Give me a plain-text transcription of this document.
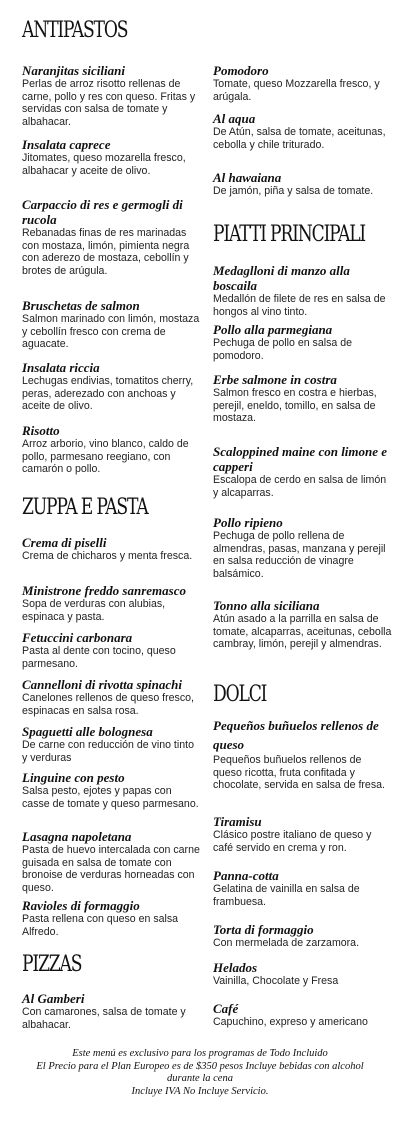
ANTIPASTOS
Naranjitas siciliani
Perlas de arroz risotto rellenas de carne, pollo y res con queso. Fritas y servidas con salsa de tomate y albahacar.
Insalata caprece
Jitomates, queso mozarella fresco, albahacar y aceite de olivo.
Carpaccio di res e germogli di rucola
Rebanadas finas de res marinadas con mostaza, limón, pimienta negra con aderezo de mostaza, cebollín y brotes de arúgula.
Bruschetas de salmon
Salmon marinado con limón, mostaza y cebollín fresco con crema de aguacate.
Insalata riccia
Lechugas endivias, tomatitos cherry, peras, aderezado con anchoas y aceite de olivo.
Risotto
Arroz arborio, vino blanco, caldo de pollo, parmesano reegiano, con camarón o pollo.
ZUPPA E PASTA
Crema di piselli
Crema de chicharos y menta fresca.
Ministrone freddo sanremasco
Sopa de verduras con alubias, espinaca y pasta.
Fetuccini carbonara
Pasta al dente con tocino, queso parmesano.
Cannelloni di rivotta spinachi
Canelones rellenos de queso fresco, espinacas en salsa rosa.
Spaguetti alle bolognesa
De carne con reducción de vino tinto y verduras
Linguine con pesto
Salsa pesto, ejotes y papas con casse de tomate y queso parmesano.
Lasagna napoletana
Pasta de huevo intercalada con carne guisada en salsa de tomate con bronoise de verduras horneadas con queso.
Ravioles di formaggio
Pasta rellena con queso en salsa Alfredo.
PIZZAS
Al Gamberi
Con camarones, salsa de tomate y albahacar.
Pomodoro
Tomate, queso Mozzarella fresco, y arúgala.
Al aqua
De Atún, salsa de tomate, aceitunas, cebolla y chile triturado.
Al hawaiana
De jamón, piña y salsa de tomate.
PIATTI PRINCIPALI
Medaglloni di manzo alla boscaila
Medallón de filete de res en salsa de hongos al vino tinto.
Pollo alla parmegiana
Pechuga de pollo en salsa de pomodoro.
Erbe salmone in costra
Salmon fresco en costra e hierbas, perejil, eneldo, tomillo, en salsa de mostaza.
Scaloppined maine con limone e capperi
Escalopa de cerdo en salsa de limón y alcaparras.
Pollo ripieno
Pechuga de pollo rellena de almendras, pasas, manzana y perejil en salsa reducción de vinagre balsámico.
Tonno alla siciliana
Atún asado a la parrilla en salsa de tomate, alcaparras, aceitunas, cebolla cambray, limón, perejil y almendras.
DOLCI
Pequeños buñuelos rellenos de queso
Pequeños buñuelos rellenos de queso ricotta, fruta confitada y chocolate, servida en salsa de fresa.
Tiramisu
Clásico postre italiano de queso y café servido en crema y ron.
Panna-cotta
Gelatina de vainilla en salsa de frambuesa.
Torta di formaggio
Con mermelada de zarzamora.
Helados
Vainilla, Chocolate y Fresa
Café
Capuchino, expreso y americano
Este menú es exclusivo para los programas de Todo Incluido
El Precio para el Plan Europeo es de $350 pesos Incluye bebidas con alcohol
durante la cena
Incluye IVA No Incluye Servicio.
